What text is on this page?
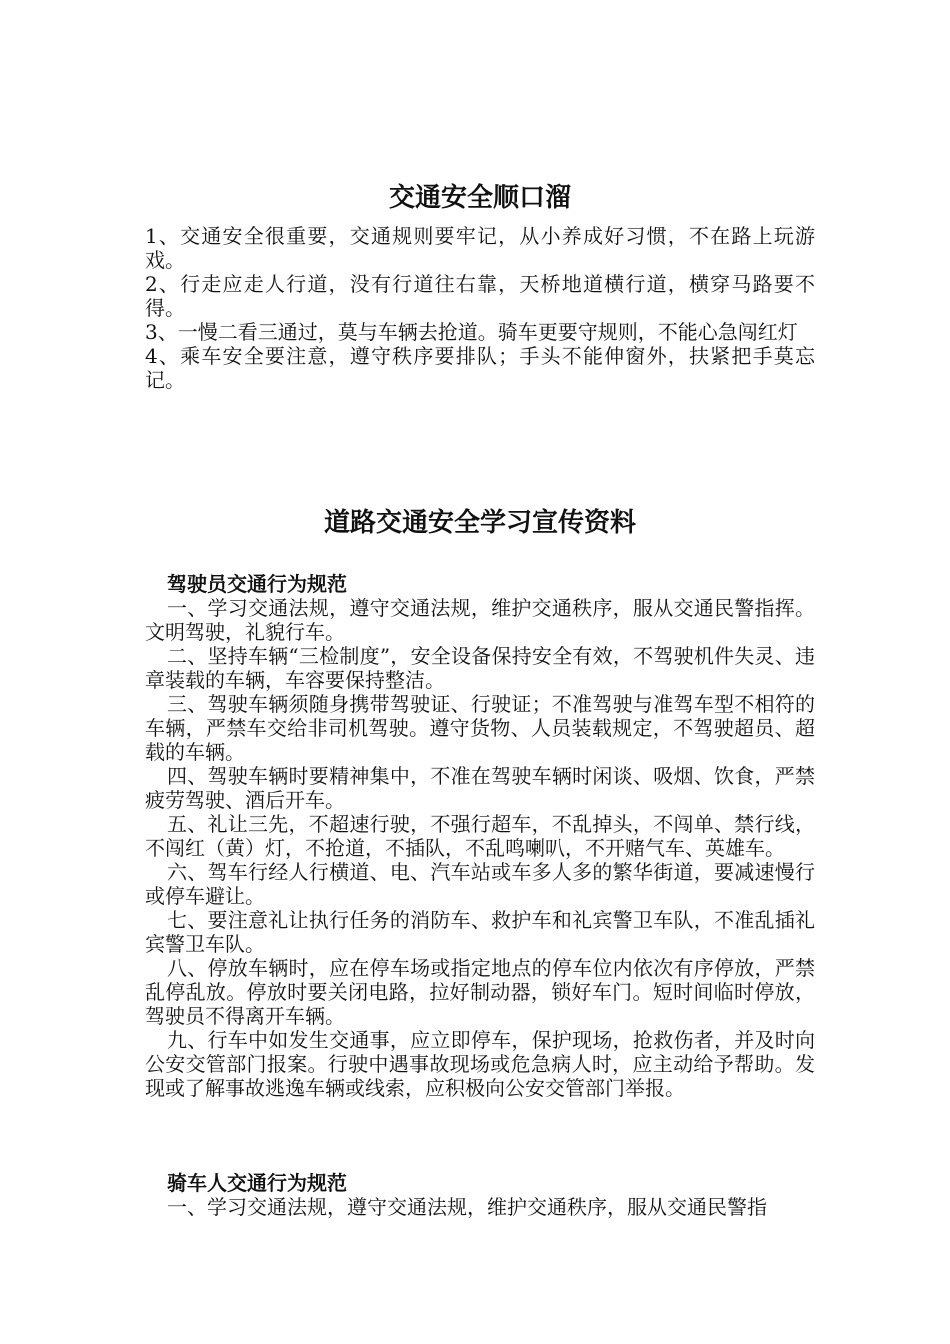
交通安全顺口溜
1、交通安全很重要，交通规则要牢记，从小养成好习惯，不在路上玩游戏。
2、行走应走人行道，没有行道往右靠，天桥地道横行道，横穿马路要不得。
3、一慢二看三通过，莫与车辆去抢道。骑车更要守规则，不能心急闯红灯
4、乘车安全要注意，遵守秩序要排队；手头不能伸窗外，扶紧把手莫忘记。
道路交通安全学习宣传资料

驾驶员交通行为规范

一、学习交通法规，遵守交通法规，维护交通秩序，服从交通民警指挥。文明驾驶，礼貌行车。
二、坚持车辆“三检制度”，安全设备保持安全有效，不驾驶机件失灵、违章装载的车辆，车容要保持整洁。
三、驾驶车辆须随身携带驾驶证、行驶证；不准驾驶与准驾车型不相符的车辆，严禁车交给非司机驾驶。遵守货物、人员装载规定，不驾驶超员、超载的车辆。
四、驾驶车辆时要精神集中，不准在驾驶车辆时闲谈、吸烟、饮食，严禁疲劳驾驶、酒后开车。
五、礼让三先，不超速行驶，不强行超车，不乱掉头，不闯单、禁行线，不闯红（黄）灯，不抢道，不插队，不乱鸣喇叭，不开赌气车、英雄车。
六、驾车行经人行横道、电、汽车站或车多人多的繁华街道，要减速慢行或停车避让。
七、要注意礼让执行任务的消防车、救护车和礼宾警卫车队，不准乱插礼宾警卫车队。
八、停放车辆时，应在停车场或指定地点的停车位内依次有序停放，严禁乱停乱放。停放时要关闭电路，拉好制动器，锁好车门。短时间临时停放，驾驶员不得离开车辆。
九、行车中如发生交通事，应立即停车，保护现场，抢救伤者，并及时向公安交管部门报案。行驶中遇事故现场或危急病人时，应主动给予帮助。发现或了解事故逃逸车辆或线索，应积极向公安交管部门举报。

骑车人交通行为规范

一、学习交通法规，遵守交通法规，维护交通秩序，服从交通民警指
